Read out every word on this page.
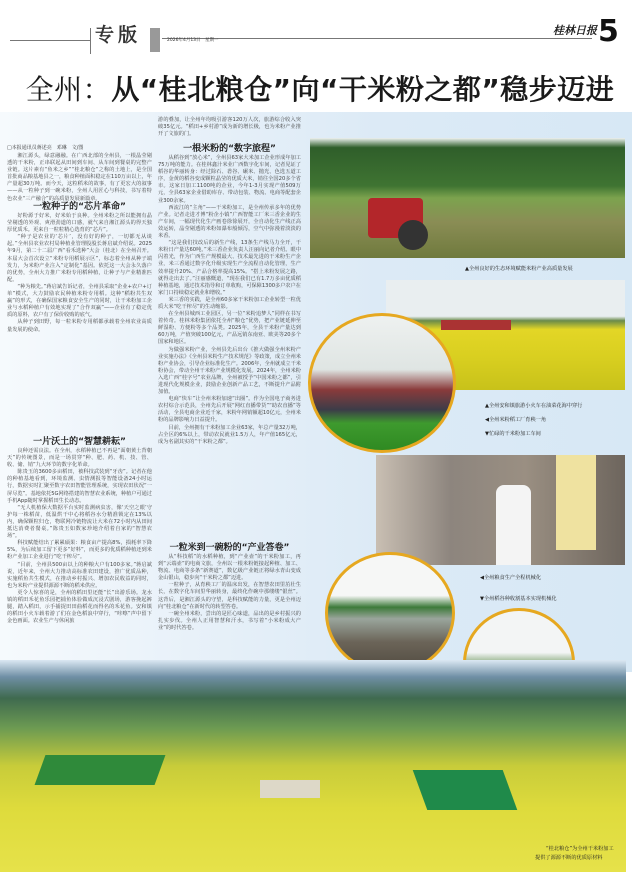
专版	2026年4月13日　星期一
桂林日报 5
全州：从“桂北粮仓”向“干米粉之都”稳步迈进
□本报通讯员蒋述亮　邓琳　文/图

湘江源头，绿意融融。在广西北部的全州县，一根晶莹剔透的干米粉，正串联起从田间到车间、从车间到餐桌的完整产业链。这片素有“鱼米之乡”“桂北粮仓”之称的土地上，是全国首批商品粮基地县之一，粮食种植面积稳定在110万亩以上，年产量超30万吨。而今天，这粒稻米的故事，有了更宏大的叙事——从一粒种子到一碗米粉，全州人用匠心与科技，书写着特色农业“三产融合”的高质量发展新篇章。

一粒种子的“芯片革命”

好粉源于好米，好米始于良种。全州米粉之所以能拥有晶莹剔透的外观、爽滑劲道的口感，就气来自湘江源头的得天独厚优质禾。更来自一粒粒精心选育的“芯片”。

“种子是农业的‘芯片’，没有好的种子，一切都无从谈起。”全州县农业农村局种植业管理股股长蒋启斌介绍说。2025年9月，第二十二届广西“看禾选种”大会（桂北）在全州召开。本届大会首次设立“米粉专用稻展示区”，标志着全州从种子端发力，为米粉产业注入“定制化”基因。依托这一大会永久落户的优势，全州大力推广米粉专用稻种植，让种子与产业精准匹配。

“种为粮先。”蒋启斌告诉记者，全州县采取“企业+农户+订单”模式，大力鼓励农民种植米粉专用稻。这种“稻粉共生双赢”的形式，在确保国家粮食安全生产的同时，让干米粉加工企业与水稻种植户有效地实现了“合作双赢”——企业有了稳定优质的原料，农户有了保价收购的底气。

从种子到田野，每一粒米粉专用稻都承载着全州农业高质量发展的使命。

一片沃土的“智慧耕耘”

良种还需良法。在全州，水稻种植已不再是“面朝黄土背朝天”的传统图景，而是一场贯穿“种、肥、药、机、技、管、收、储、销”九大环节的数字化革命。

陈贵玉的3600多亩稻田，被科技武装到“牙齿”。记者在他的种植基地看到，环境监测、虫情测报等智能设备24小时运行，数据实时汇聚至数字农田智能管理系统，实现农田状况“一屏尽览”。基地依托5G网络搭建的智慧农业系统，种植户可通过手机App随时掌握稻田生长动态。

“无人机植保大数据平台实时监测病虫害，像‘天空之眼’守护每一株稻苗，低温烘干中心将稻谷水分精准锁定在13%以内，确保颗粒归仓，物联网冷链物流让大米在72小时内从田间抵达消费者餐桌。”陈贵玉如数家珍地介绍着自家的“智慧农场”。

科技赋能结出了累累硕果：粮食亩产提高8%，损耗率下降5%，为后续加工留下更多“好料”，而更多的优质稻种植还到米粉产业加工企业进行“吃干榨尽”。

“目前，全州县500亩以上的种粮大户有100多家。”蒋启斌说，近年来，全州大力推动高标准农田建设，推广优质品种，实施稻鱼共生模式，在推动乡村振兴、增加农民收益的同时，也为米粉产业提供源源不断的稻米供应。

更令人惊喜的是，全州的稻田里还能“长”出游乐场。龙水镇的稻田禾花鱼乐园把捕鱼体验做成沉浸式剧场，游客挽起裤腿，踏入稻田，示手捕捉田田曲稻花而得名的禾花鱼。安和镇的稻田小火车载着游了们在金色稻浪中穿行，“咔嚓”声中留下金色画面。农业生产与休闲旅

游的叠加，让全州年均吸引游客120万人次，旅游综合收入突破35亿元。“稻田+乡村游”成为新的增长极，也为米粉产业推开了文旅的门。

一根米粉的“数字旅程”

从稻谷到“放心米”，全州县63家大米加工企业形成年加工75万吨的能力。在桂林鑫汁米业广西数字化车间，记者见证了稻谷的华丽转身：经过除石、砻谷、碾米、抛光、色选五道工序，金黄的稻谷变成颗粒晶莹的优质大米，销往全国20多个省市。这家日加工1100吨的企业，今年1-3月实现产值509万元，全县63家企业借助库存、带动包装、物流、电商等配套企业300余家。

西流江的“主角”——干米粉加工，是全州传承多年的优势产业。记者走进才博“粉企小镇”广西智能工厂米三香企业的生产车间，一幅现代化生产画卷徐徐展开，全自动化生产线正高效运转，晶莹剔透的米粉如瀑布般倾泻，空气中弥漫着淡淡的米香。

“这是我们技改后的新生产线，13条生产线马力全开，干米粉日产量达60吨。”米三香企业负责人汪丽向记者介绍。眼中闪着光，作为广西生产规模最大、技术最先进的干米粉生产企业，米三香通过数字化升级实现生产全流程自动化管理，生产效率提升20%、产品合格率提高15%。“搭上米粉发展之路，就得走出去了。”汪丽感慨道，“现在我们已有1.7万多亩优质稻种植基地，通过技术指导和订单收购，可保障1300多户农户在家门口持续稳定就业和增收。”

米三香的实践，是全州60多家干米粉加工企业转型一粒优质大米“吃干榨尽”的生动缩影。

在全州县城西工业园区，另一位“米粉追梦人”同样在书写着传奇。桂林米粉集团依托全州“粮仓”优势，把产业链延伸至鲜湿粉、方便粉等多个品类。2025年，全县干米粉产量达到60万吨，产值突破100亿元，产品远销东南亚、欧美等20多个国家和地区。

为做强米粉产业，全州县先后出台《推大做强全州米粉产业实施办法》《全州县米粉生产技术规范》等政策，成立全州米粉产业协会，引导企业标准化生产。2006年，全州就成立干米粉协会，带动全州干米粉产业规模化发展。2024年，全州米粉入选广西“桂字号”农业品牌，全州被授予“中国米粉之都”，引进现代化规模企业，鼓励企业创新产品工艺，不断提升产品附加值。

电商“快车”让全州米粉加速“出圈”。作为全国电子商务进农村综合示范县，全州先后开展“网红直播带货”“助农直播”等活动，全县电商企业近千家，米粉年网销额超10亿元，全州米粉的品牌影响力日益提升。

目前，全州拥有干米粉加工企业63家，年总产量32万吨，占全区的6%以上，带动农民就业1.5万人，年产值165亿元，成为名副其实的“干米粉之都”。

一粒米到一碗粉的“产业答卷”

从“科技稻”的水稻种植，到“产业壶”的干米粉加工，再到“云端壶”的电商文旅，全州以一根米粉链接起种植、加工、物流、电商等多条“新赛道”，数亿级产业链正将绿水青山变成金山银山，稳步向“干米粉之都”迈进。

一粒种子，从育秧工厂的温床出发，在智慧农田里茁壮生长，在数字化车间里华丽转身，最终化作碗中那缕缕“银丝”。这背后，是湘江源头的守望，是科技赋能的力量，更是全州迈向“桂北粮仓”在新时代的转型答卷。

一碗全州米粉，尝出的是匠心味道，品出的是乡村振兴的扎实步伐。全州人正用智慧和汗水，书写着“小米粉成大产业”的时代答卷。

▲全州良好的生态环境赋能米粉产业高质量发展
▲全州安和镇旅游小火车在油菜花海中穿行
◀全州米粉稻工厂育秧一角
▼忙碌的干米粉加工车间
◀全州粮食生产全程机械化
▼全州稻谷种收割基本实现机械化
“桂北粮仓”为全州干米粉加工
提供了源源不断的优质原材料
